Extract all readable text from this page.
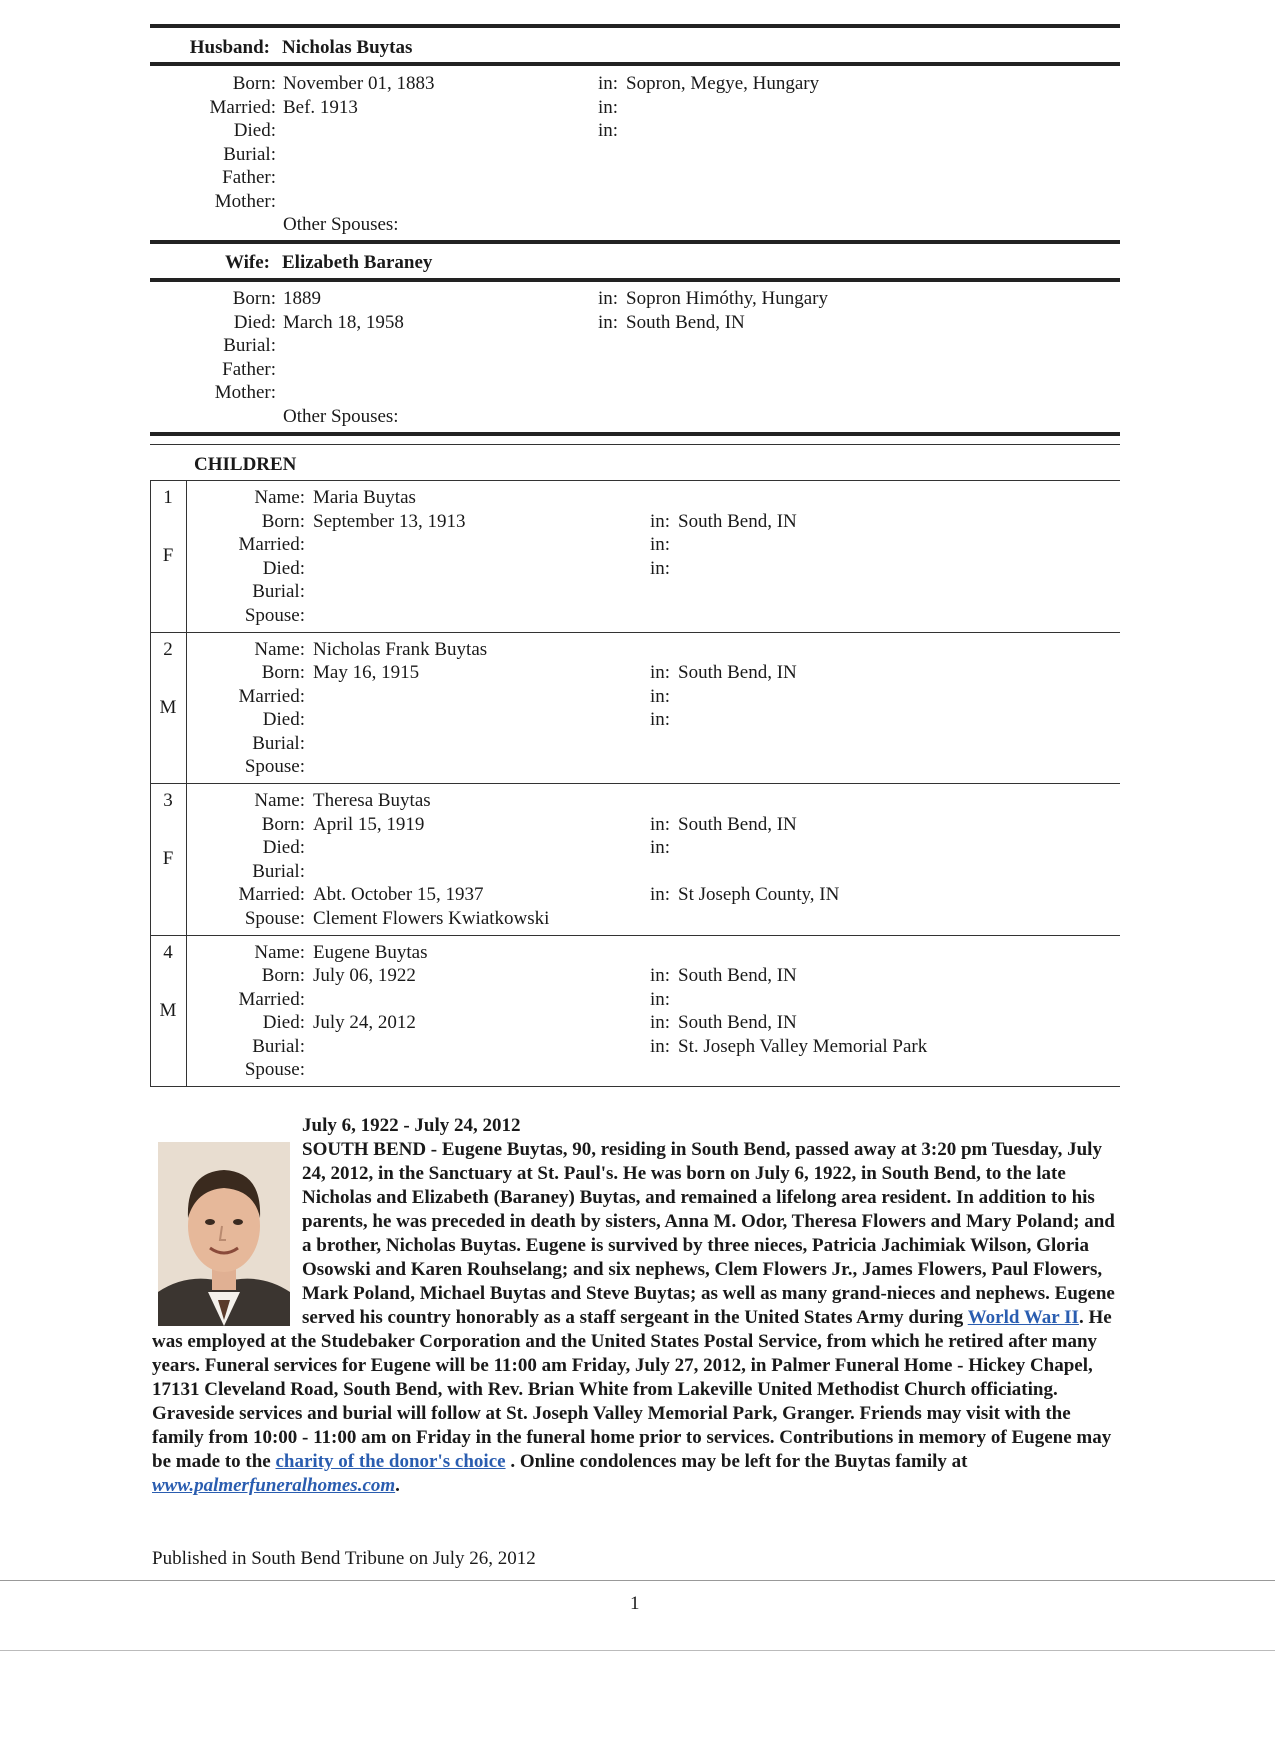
Husband: Nicholas Buytas
Born: November 01, 1883	in: Sopron, Megye, Hungary
Married: Bef. 1913	in:
Died:	in:
Burial:
Father:
Mother:
Other Spouses:
Wife: Elizabeth Baraney
Born: 1889	in: Sopron Himóthy, Hungary
Died: March 18, 1958	in: South Bend, IN
Burial:
Father:
Mother:
Other Spouses:
CHILDREN
1
F
Name: Maria Buytas
Born: September 13, 1913	in: South Bend, IN
Married:	in:
Died:	in:
Burial:
Spouse:
2
M
Name: Nicholas Frank Buytas
Born: May 16, 1915	in: South Bend, IN
Married:	in:
Died:	in:
Burial:
Spouse:
3
F
Name: Theresa Buytas
Born: April 15, 1919	in: South Bend, IN
Died:	in:
Burial:
Married: Abt. October 15, 1937	in: St Joseph County, IN
Spouse: Clement Flowers Kwiatkowski
4
M
Name: Eugene Buytas
Born: July 06, 1922	in: South Bend, IN
Married:	in:
Died: July 24, 2012	in: South Bend, IN
Burial:	in: St. Joseph Valley Memorial Park
Spouse:
July 6, 1922 - July 24, 2012
SOUTH BEND - Eugene Buytas, 90, residing in South Bend, passed away at 3:20 pm Tuesday, July 24, 2012, in the Sanctuary at St. Paul's. He was born on July 6, 1922, in South Bend, to the late Nicholas and Elizabeth (Baraney) Buytas, and remained a lifelong area resident. In addition to his parents, he was preceded in death by sisters, Anna M. Odor, Theresa Flowers and Mary Poland; and a brother, Nicholas Buytas. Eugene is survived by three nieces, Patricia Jachimiak Wilson, Gloria Osowski and Karen Rouhselang; and six nephews, Clem Flowers Jr., James Flowers, Paul Flowers, Mark Poland, Michael Buytas and Steve Buytas; as well as many grand-nieces and nephews. Eugene served his country honorably as a staff sergeant in the United States Army during World War II. He was employed at the Studebaker Corporation and the United States Postal Service, from which he retired after many years. Funeral services for Eugene will be 11:00 am Friday, July 27, 2012, in Palmer Funeral Home - Hickey Chapel, 17131 Cleveland Road, South Bend, with Rev. Brian White from Lakeville United Methodist Church officiating. Graveside services and burial will follow at St. Joseph Valley Memorial Park, Granger. Friends may visit with the family from 10:00 - 11:00 am on Friday in the funeral home prior to services. Contributions in memory of Eugene may be made to the charity of the donor's choice . Online condolences may be left for the Buytas family at www.palmerfuneralhomes.com.
Published in South Bend Tribune on July 26, 2012
1
